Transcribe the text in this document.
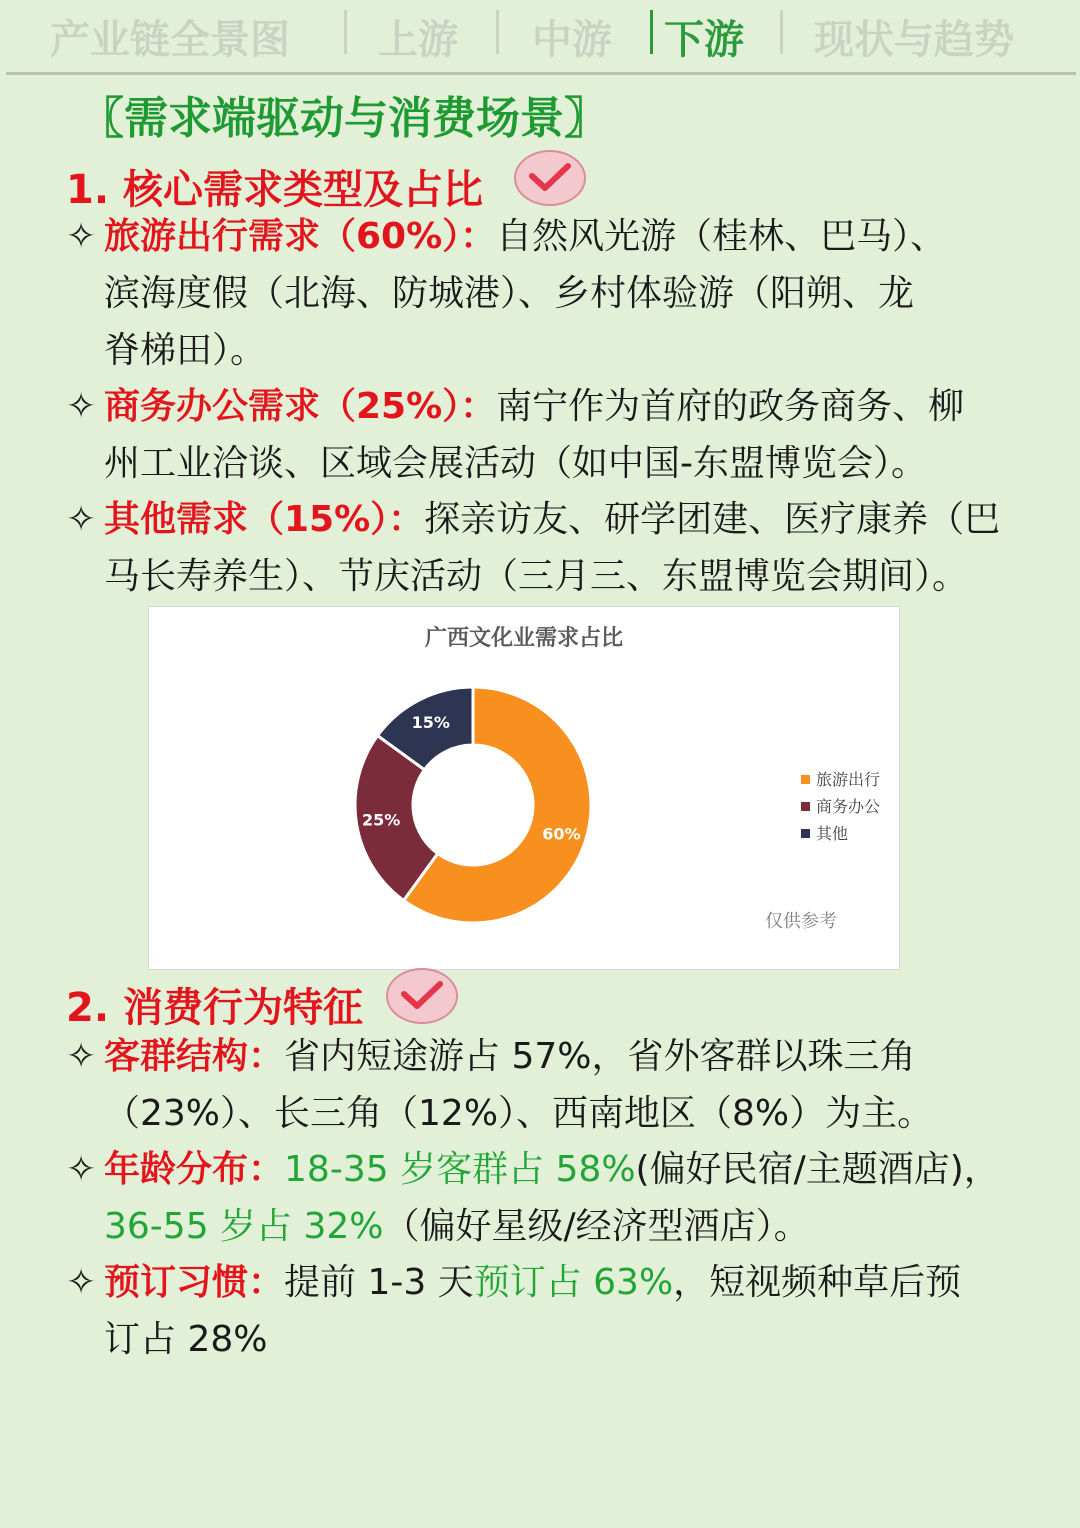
产业链全景图 上游 中游 下游 现状与趋势
〖需求端驱动与消费场景〗
1. 核心需求类型及占比
✧ 旅游出行需求（60%）：自然风光游（桂林、巴马）、
滨海度假（北海、防城港）、乡村体验游（阳朔、龙
脊梯田）。
✧ 商务办公需求（25%）：南宁作为首府的政务商务、柳
州工业洽谈、区域会展活动（如中国-东盟博览会）。
✧ 其他需求（15%）：探亲访友、研学团建、医疗康养（巴
马长寿养生）、节庆活动（三月三、东盟博览会期间）。
广西文化业需求占比
60%
25%
15%
旅游出行
商务办公
其他
仅供参考
2. 消费行为特征
✧ 客群结构：省内短途游占 57%，省外客群以珠三角
（23%）、长三角（12%）、西南地区（8%）为主。
✧ 年龄分布：18-35 岁客群占 58%(偏好民宿/主题酒店)，
36-55 岁占 32%（偏好星级/经济型酒店）。
✧ 预订习惯：提前 1-3 天预订占 63%，短视频种草后预
订占 28%
